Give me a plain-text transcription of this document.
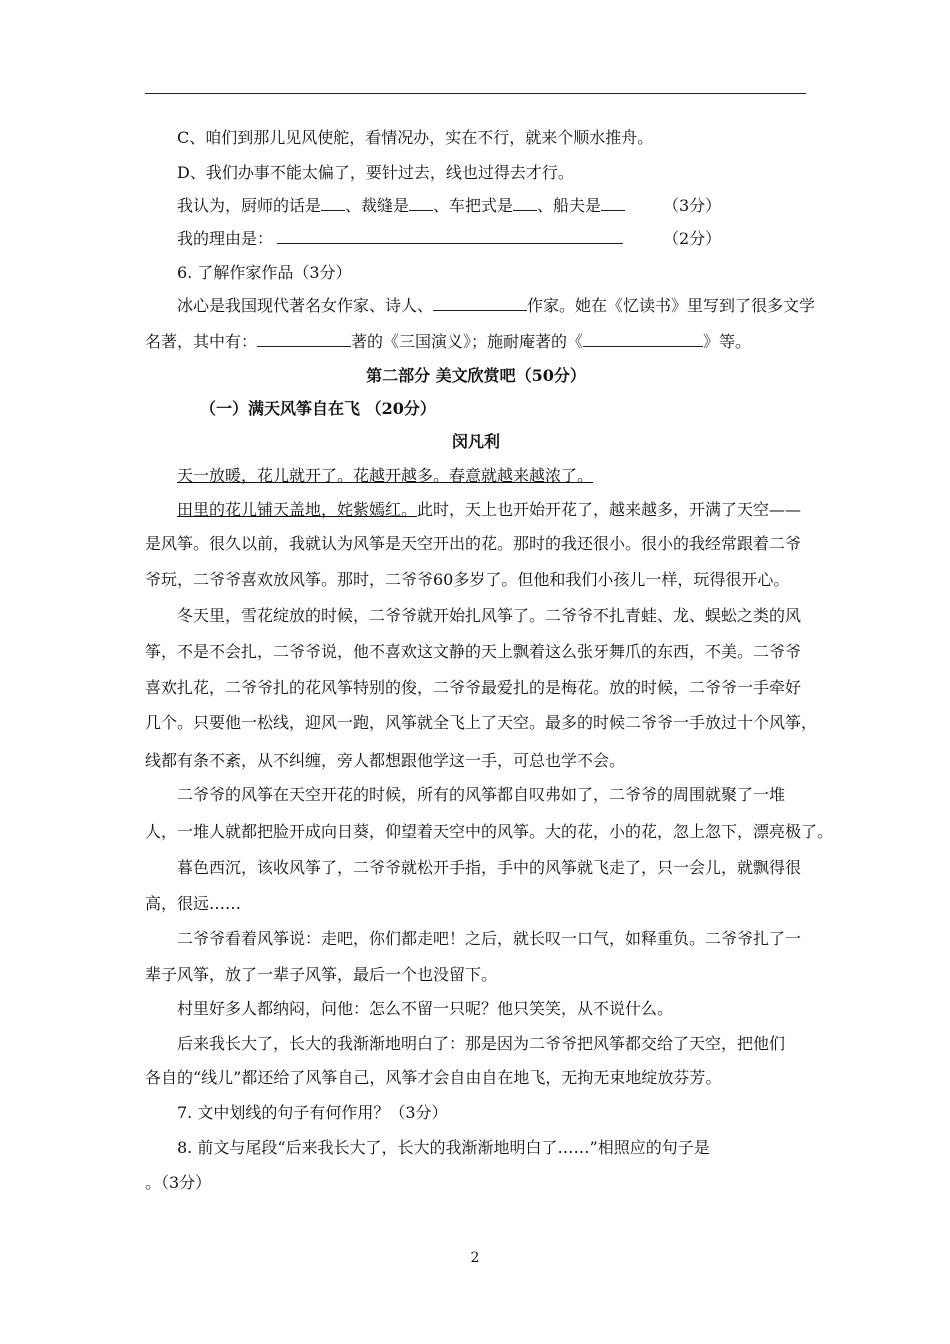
C、咱们到那儿见风使舵，看情况办，实在不行，就来个顺水推舟。
D、我们办事不能太偏了，要针过去，线也过得去才行。
我认为，厨师的话是 、裁缝是 、车把式是 、船夫是	（3分）
我的理由是：	（2分）
6. 了解作家作品（3分）
冰心是我国现代著名女作家、诗人、	作家。她在《忆读书》里写到了很多文学
名著，其中有：	著的《三国演义》；施耐庵著的《	》等。
第二部分 美文欣赏吧（50分）
（一）满天风筝自在飞 （20分）
闵凡利
天一放暖，花儿就开了。花越开越多。春意就越来越浓了。
田里的花儿铺天盖地，姹紫嫣红。此时，天上也开始开花了，越来越多，开满了天空——
是风筝。很久以前，我就认为风筝是天空开出的花。那时的我还很小。很小的我经常跟着二爷
爷玩，二爷爷喜欢放风筝。那时，二爷爷60多岁了。但他和我们小孩儿一样，玩得很开心。
冬天里，雪花绽放的时候，二爷爷就开始扎风筝了。二爷爷不扎青蛙、龙、蜈蚣之类的风
筝，不是不会扎，二爷爷说，他不喜欢这文静的天上飘着这么张牙舞爪的东西，不美。二爷爷
喜欢扎花，二爷爷扎的花风筝特别的俊，二爷爷最爱扎的是梅花。放的时候，二爷爷一手牵好
几个。只要他一松线，迎风一跑，风筝就全飞上了天空。最多的时候二爷爷一手放过十个风筝，
线都有条不紊，从不纠缠，旁人都想跟他学这一手，可总也学不会。
二爷爷的风筝在天空开花的时候，所有的风筝都自叹弗如了，二爷爷的周围就聚了一堆
人，一堆人就都把脸开成向日葵，仰望着天空中的风筝。大的花，小的花，忽上忽下，漂亮极了。
暮色西沉，该收风筝了，二爷爷就松开手指，手中的风筝就飞走了，只一会儿，就飘得很
高，很远……
二爷爷看着风筝说：走吧，你们都走吧！之后，就长叹一口气，如释重负。二爷爷扎了一
辈子风筝，放了一辈子风筝，最后一个也没留下。
村里好多人都纳闷，问他：怎么不留一只呢？他只笑笑，从不说什么。
后来我长大了，长大的我渐渐地明白了：那是因为二爷爷把风筝都交给了天空，把他们
各自的“线儿”都还给了风筝自己，风筝才会自由自在地飞，无拘无束地绽放芬芳。
7. 文中划线的句子有何作用？（3分）
8. 前文与尾段“后来我长大了，长大的我渐渐地明白了……”相照应的句子是
。（3分）
2
